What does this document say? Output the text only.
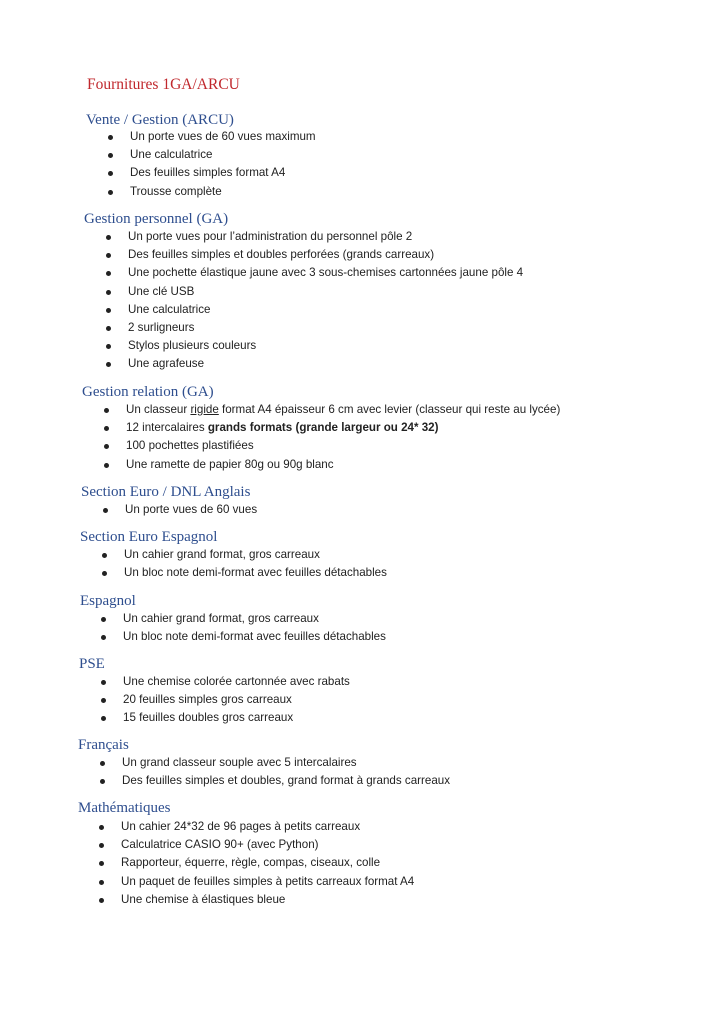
Fournitures 1GA/ARCU
Vente / Gestion (ARCU)
Un porte vues de 60 vues maximum
Une calculatrice
Des feuilles simples format A4
Trousse complète
Gestion personnel (GA)
Un porte vues pour l’administration du personnel pôle 2
Des feuilles simples et doubles perforées (grands carreaux)
Une pochette élastique jaune avec 3 sous-chemises cartonnées jaune pôle 4
Une clé USB
Une calculatrice
2 surligneurs
Stylos plusieurs couleurs
Une agrafeuse
Gestion relation (GA)
Un classeur rigide format A4 épaisseur 6 cm avec levier (classeur qui reste au lycée)
12 intercalaires grands formats (grande largeur ou 24* 32)
100 pochettes plastifiées
Une ramette de papier 80g ou 90g blanc
Section Euro / DNL Anglais
Un porte vues de 60 vues
Section Euro Espagnol
Un cahier grand format, gros carreaux
Un bloc note demi-format avec feuilles détachables
Espagnol
Un cahier grand format, gros carreaux
Un bloc note demi-format avec feuilles détachables
PSE
Une chemise colorée cartonnée avec rabats
20 feuilles simples gros carreaux
15 feuilles doubles gros carreaux
Français
Un grand classeur souple avec 5 intercalaires
Des feuilles simples et doubles, grand format à grands carreaux
Mathématiques
Un cahier 24*32 de 96 pages à petits carreaux
Calculatrice CASIO 90+ (avec Python)
Rapporteur, équerre, règle, compas, ciseaux, colle
Un paquet de feuilles simples à petits carreaux format A4
Une chemise à élastiques bleue
